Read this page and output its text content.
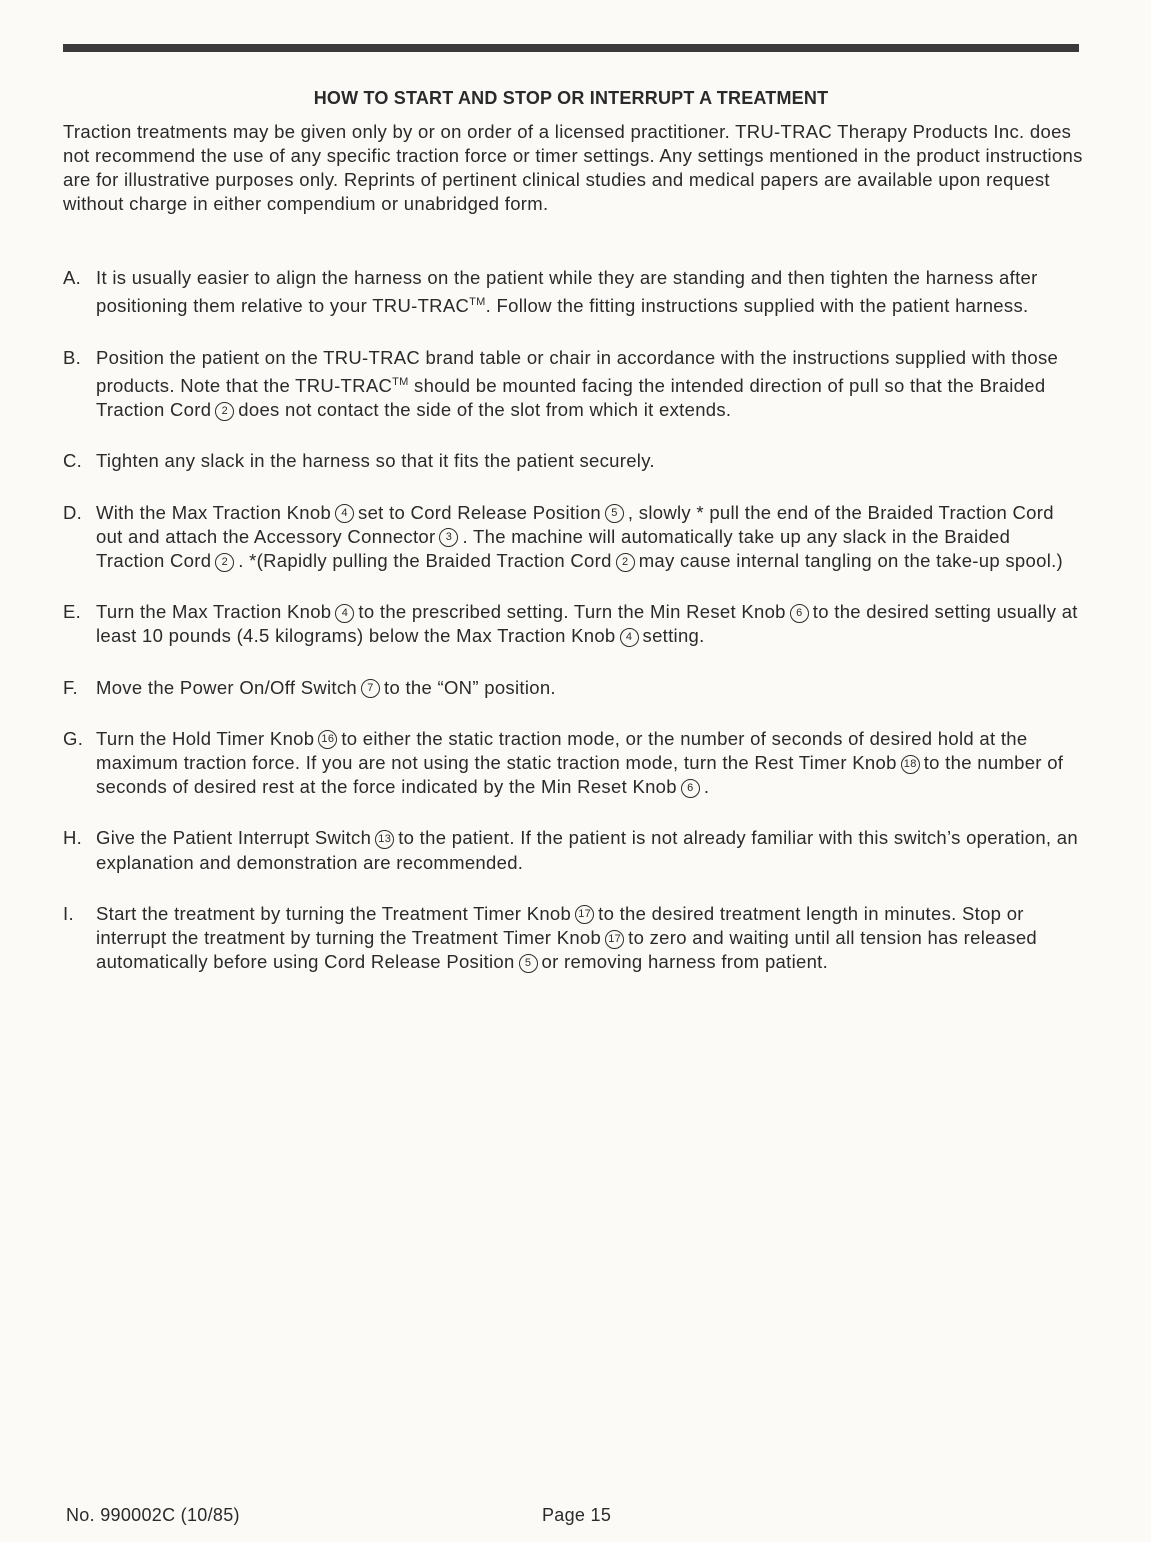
HOW TO START AND STOP OR INTERRUPT A TREATMENT

Traction treatments may be given only by or on order of a licensed practitioner. TRU-TRAC Therapy Products Inc. does not recommend the use of any specific traction force or timer settings. Any settings mentioned in the product instructions are for illustrative purposes only. Reprints of pertinent clinical studies and medical papers are available upon request without charge in either compendium or unabridged form.

A. It is usually easier to align the harness on the patient while they are standing and then tighten the harness after positioning them relative to your TRU-TRAC™. Follow the fitting instructions supplied with the patient harness.
B. Position the patient on the TRU-TRAC brand table or chair in accordance with the instructions supplied with those products. Note that the TRU-TRAC™ should be mounted facing the intended direction of pull so that the Braided Traction Cord 2 does not contact the side of the slot from which it extends.
C. Tighten any slack in the harness so that it fits the patient securely.
D. With the Max Traction Knob 4 set to Cord Release Position 5 , slowly * pull the end of the Braided Traction Cord out and attach the Accessory Connector 3 . The machine will automatically take up any slack in the Braided Traction Cord 2 . *(Rapidly pulling the Braided Traction Cord 2 may cause internal tangling on the take-up spool.)
E. Turn the Max Traction Knob 4 to the prescribed setting. Turn the Min Reset Knob 6 to the desired setting usually at least 10 pounds (4.5 kilograms) below the Max Traction Knob 4 setting.
F. Move the Power On/Off Switch 7 to the “ON” position.
G. Turn the Hold Timer Knob 16 to either the static traction mode, or the number of seconds of desired hold at the maximum traction force. If you are not using the static traction mode, turn the Rest Timer Knob 18 to the number of seconds of desired rest at the force indicated by the Min Reset Knob 6 .
H. Give the Patient Interrupt Switch 13 to the patient. If the patient is not already familiar with this switch’s operation, an explanation and demonstration are recommended.
I.	Start the treatment by turning the Treatment Timer Knob 17 to the desired treatment length in minutes. Stop or interrupt the treatment by turning the Treatment Timer Knob 17 to zero and waiting until all tension has released automatically before using Cord Release Position 5 or removing harness from patient.
No. 990002C (10/85)	Page 15
